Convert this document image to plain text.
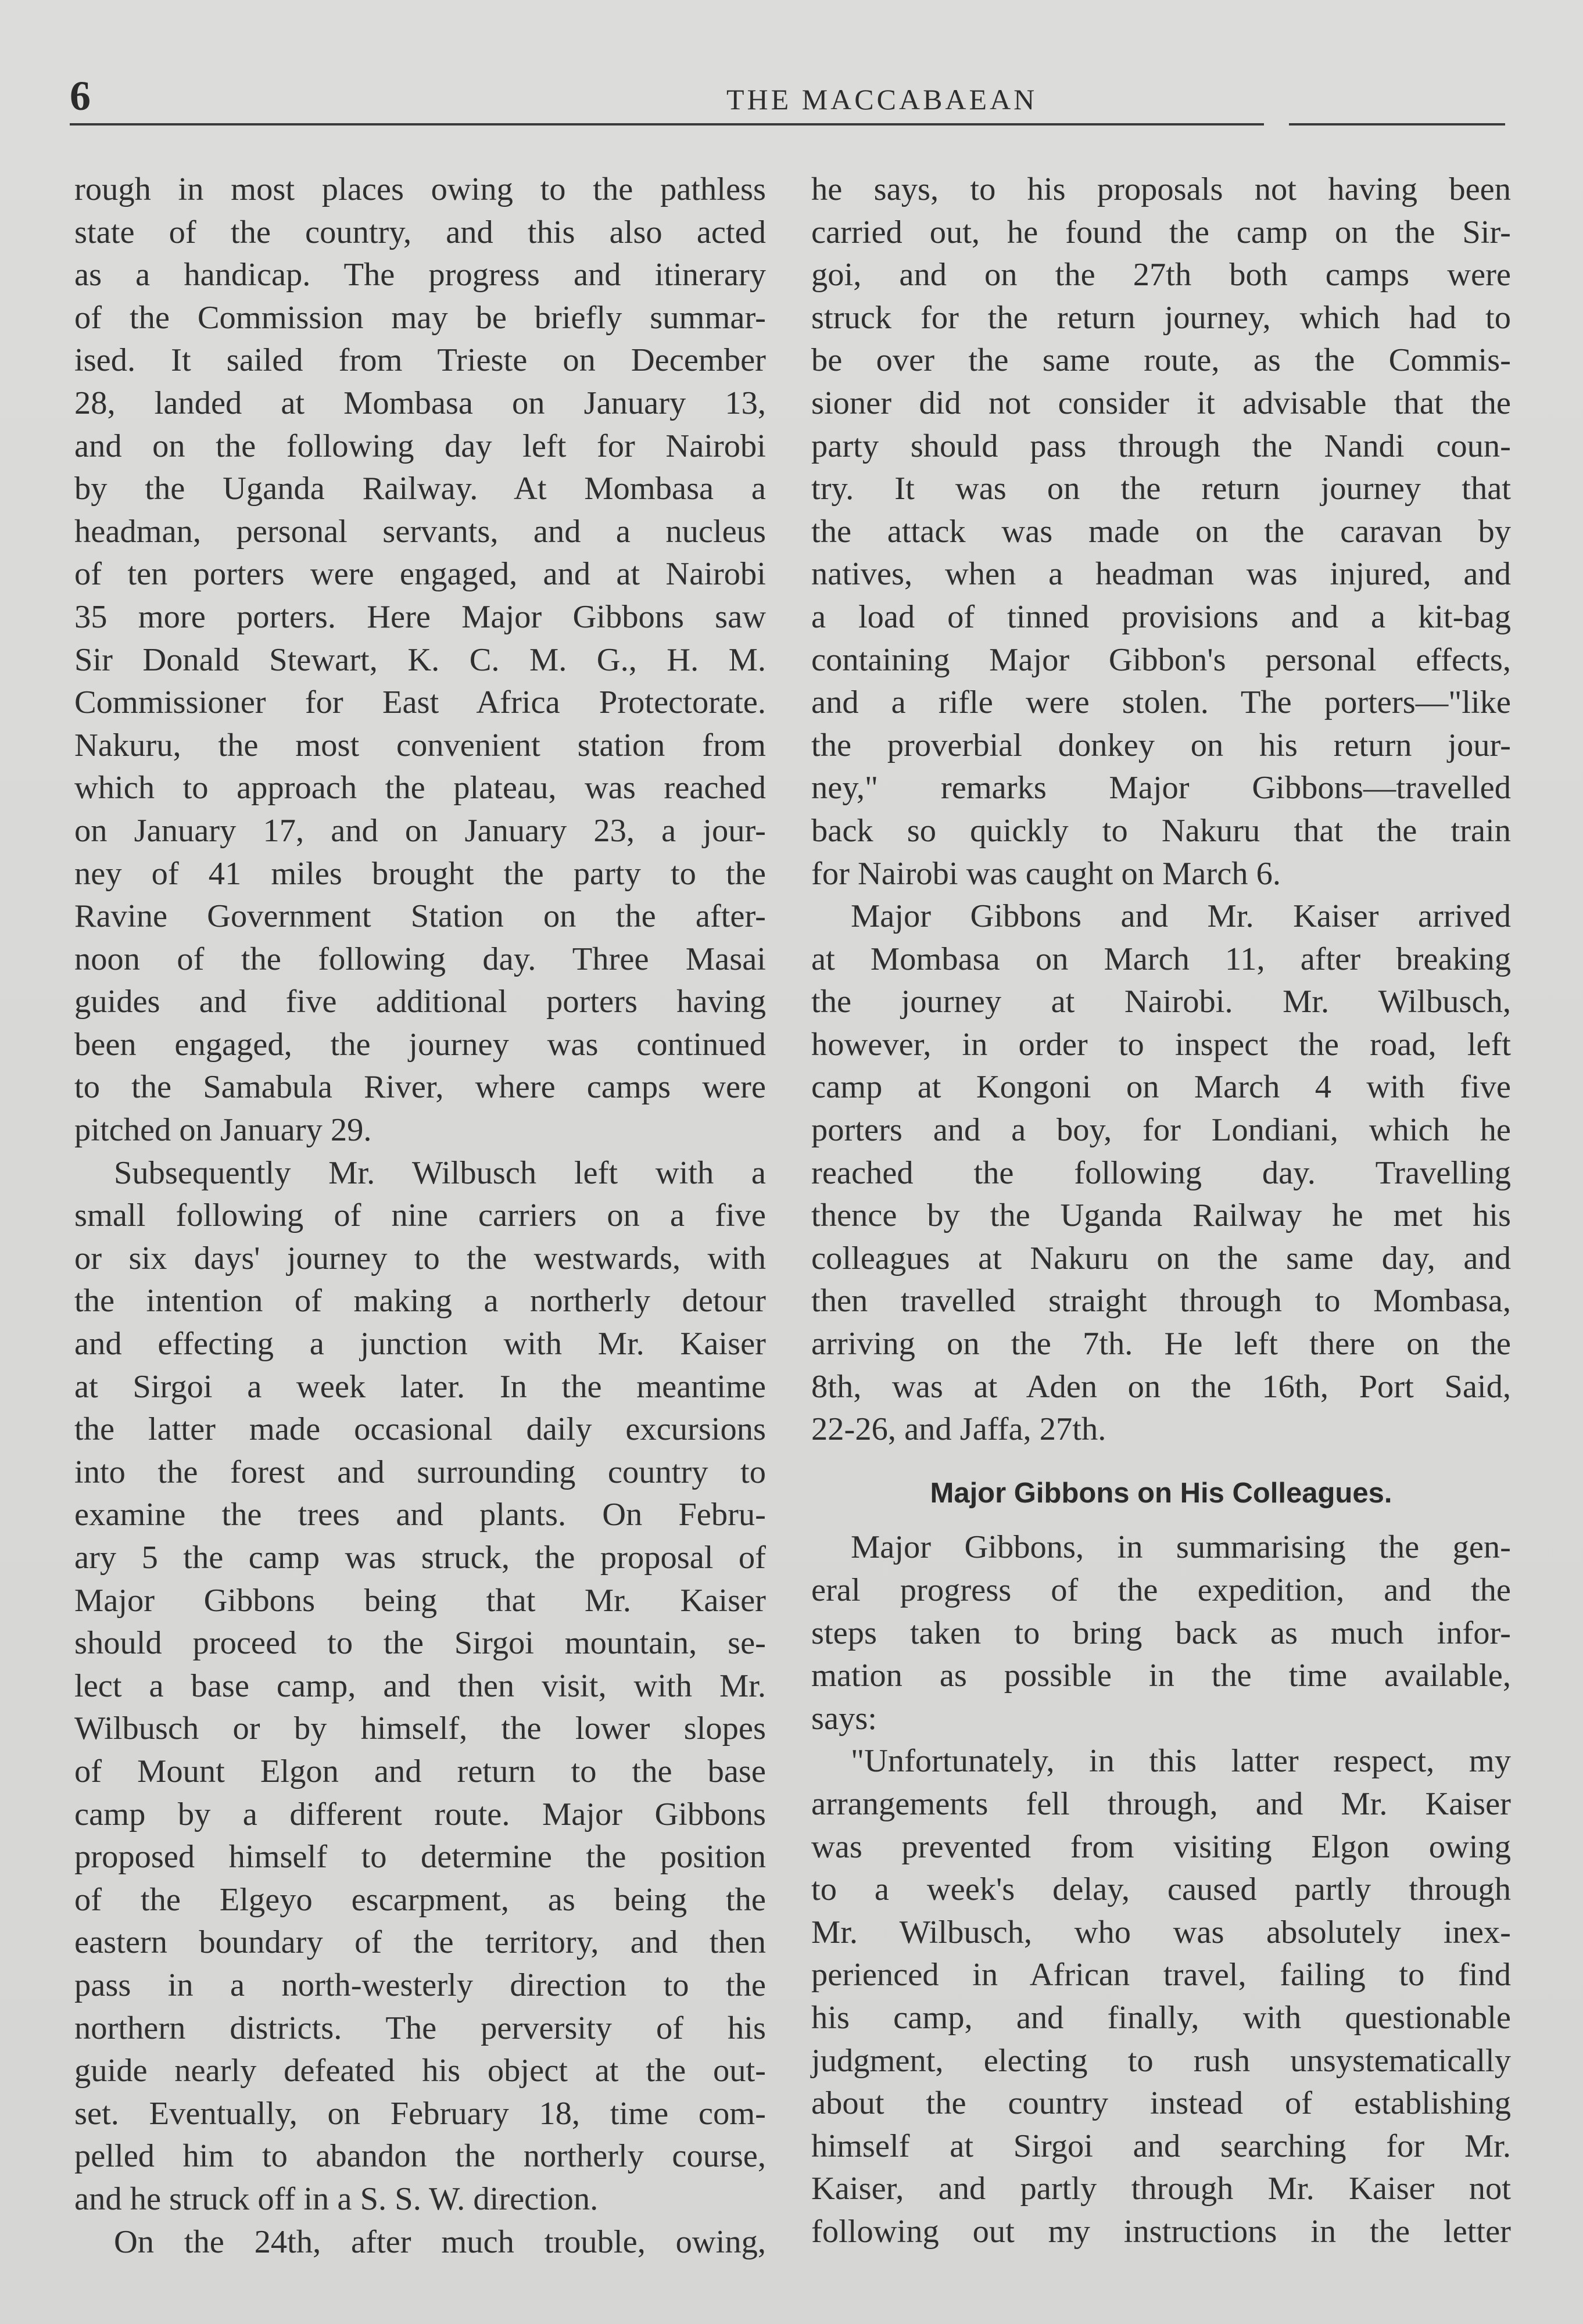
6	THE MACCABAEAN
rough in most places owing to the pathless
state of the country, and this also acted
as a handicap. The progress and itinerary
of the Commission may be briefly summar-
ised. It sailed from Trieste on December
28, landed at Mombasa on January 13,
and on the following day left for Nairobi
by the Uganda Railway. At Mombasa a
headman, personal servants, and a nucleus
of ten porters were engaged, and at Nairobi
35 more porters. Here Major Gibbons saw
Sir Donald Stewart, K. C. M. G., H. M.
Commissioner for East Africa Protectorate.
Nakuru, the most convenient station from
which to approach the plateau, was reached
on January 17, and on January 23, a jour-
ney of 41 miles brought the party to the
Ravine Government Station on the after-
noon of the following day. Three Masai
guides and five additional porters having
been engaged, the journey was continued
to the Samabula River, where camps were
pitched on January 29.
Subsequently Mr. Wilbusch left with a
small following of nine carriers on a five
or six days' journey to the westwards, with
the intention of making a northerly detour
and effecting a junction with Mr. Kaiser
at Sirgoi a week later. In the meantime
the latter made occasional daily excursions
into the forest and surrounding country to
examine the trees and plants. On Febru-
ary 5 the camp was struck, the proposal of
Major Gibbons being that Mr. Kaiser
should proceed to the Sirgoi mountain, se-
lect a base camp, and then visit, with Mr.
Wilbusch or by himself, the lower slopes
of Mount Elgon and return to the base
camp by a different route. Major Gibbons
proposed himself to determine the position
of the Elgeyo escarpment, as being the
eastern boundary of the territory, and then
pass in a north-westerly direction to the
northern districts. The perversity of his
guide nearly defeated his object at the out-
set. Eventually, on February 18, time com-
pelled him to abandon the northerly course,
and he struck off in a S. S. W. direction.
On the 24th, after much trouble, owing,
he says, to his proposals not having been
carried out, he found the camp on the Sir-
goi, and on the 27th both camps were
struck for the return journey, which had to
be over the same route, as the Commis-
sioner did not consider it advisable that the
party should pass through the Nandi coun-
try. It was on the return journey that
the attack was made on the caravan by
natives, when a headman was injured, and
a load of tinned provisions and a kit-bag
containing Major Gibbon's personal effects,
and a rifle were stolen. The porters—"like
the proverbial donkey on his return jour-
ney," remarks Major Gibbons—travelled
back so quickly to Nakuru that the train
for Nairobi was caught on March 6.
Major Gibbons and Mr. Kaiser arrived
at Mombasa on March 11, after breaking
the journey at Nairobi. Mr. Wilbusch,
however, in order to inspect the road, left
camp at Kongoni on March 4 with five
porters and a boy, for Londiani, which he
reached the following day. Travelling
thence by the Uganda Railway he met his
colleagues at Nakuru on the same day, and
then travelled straight through to Mombasa,
arriving on the 7th. He left there on the
8th, was at Aden on the 16th, Port Said,
22-26, and Jaffa, 27th.
Major Gibbons on His Colleagues.
Major Gibbons, in summarising the gen-
eral progress of the expedition, and the
steps taken to bring back as much infor-
mation as possible in the time available,
says:
"Unfortunately, in this latter respect, my
arrangements fell through, and Mr. Kaiser
was prevented from visiting Elgon owing
to a week's delay, caused partly through
Mr. Wilbusch, who was absolutely inex-
perienced in African travel, failing to find
his camp, and finally, with questionable
judgment, electing to rush unsystematically
about the country instead of establishing
himself at Sirgoi and searching for Mr.
Kaiser, and partly through Mr. Kaiser not
following out my instructions in the letter
